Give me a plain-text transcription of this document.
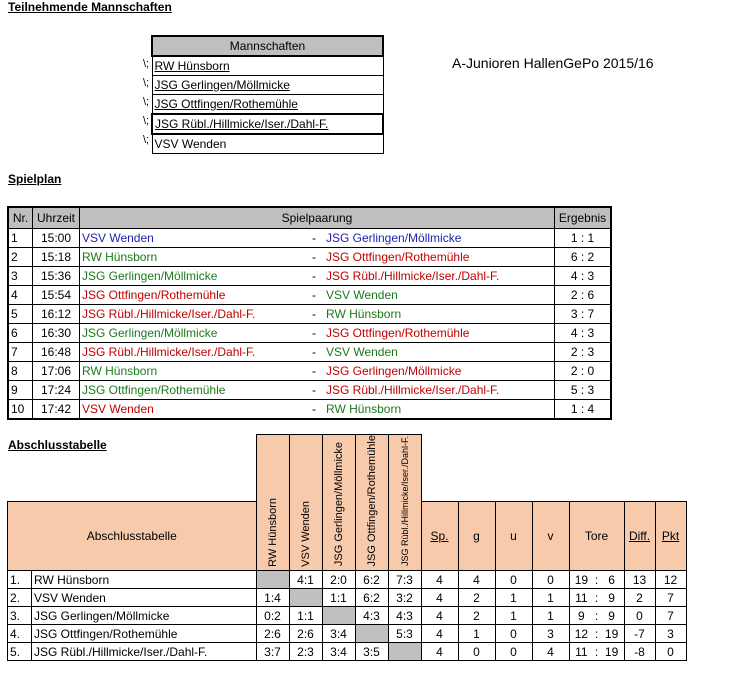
Teilnehmende Mannschaften
A-Junioren HallenGePo 2015/16
\;
\;
\;
\;
\;
Mannschaften
RW Hünsborn
JSG Gerlingen/Möllmicke
JSG Ottfingen/Rothemühle
JSG Rübl./Hillmicke/Iser./Dahl-F.
VSV Wenden
Spielplan
Nr.	Uhrzeit	Spielpaarung			Ergebnis
1	15:00	VSV Wenden	-	JSG Gerlingen/Möllmicke	1 : 1
2	15:18	RW Hünsborn	-	JSG Ottfingen/Rothemühle	6 : 2
3	15:36	JSG Gerlingen/Möllmicke	-	JSG Rübl./Hillmicke/Iser./Dahl-F.	4 : 3
4	15:54	JSG Ottfingen/Rothemühle	-	VSV Wenden	2 : 6
5	16:12	JSG Rübl./Hillmicke/Iser./Dahl-F.	-	RW Hünsborn	3 : 7
6	16:30	JSG Gerlingen/Möllmicke	-	JSG Ottfingen/Rothemühle	4 : 3
7	16:48	JSG Rübl./Hillmicke/Iser./Dahl-F.	-	VSV Wenden	2 : 3
8	17:06	RW Hünsborn	-	JSG Gerlingen/Möllmicke	2 : 0
9	17:24	JSG Ottfingen/Rothemühle	-	JSG Rübl./Hillmicke/Iser./Dahl-F.	5 : 3
10	17:42	VSV Wenden	-	RW Hünsborn	1 : 4
Abschlusstabelle

		RW Hünsborn	VSV Wenden	JSG Gerlingen/Möllmicke	JSG Ottfingen/Rothemühle	JSG Rübl./Hillmicke/Iser./Dahl-F.									

Abschlusstabelle							Sp.	g	u	v	Tore			Diff.	Pkt
1.	RW Hünsborn		4:1	2:0	6:2	7:3	4	4	0	0	19	:	6	13	12
2.	VSV Wenden	1:4		1:1	6:2	3:2	4	2	1	1	11	:	9	2	7
3.	JSG Gerlingen/Möllmicke	0:2	1:1		4:3	4:3	4	2	1	1	9	:	9	0	7
4.	JSG Ottfingen/Rothemühle	2:6	2:6	3:4		5:3	4	1	0	3	12	:	19	-7	3
5.	JSG Rübl./Hillmicke/Iser./Dahl-F.	3:7	2:3	3:4	3:5		4	0	0	4	11	:	19	-8	0
